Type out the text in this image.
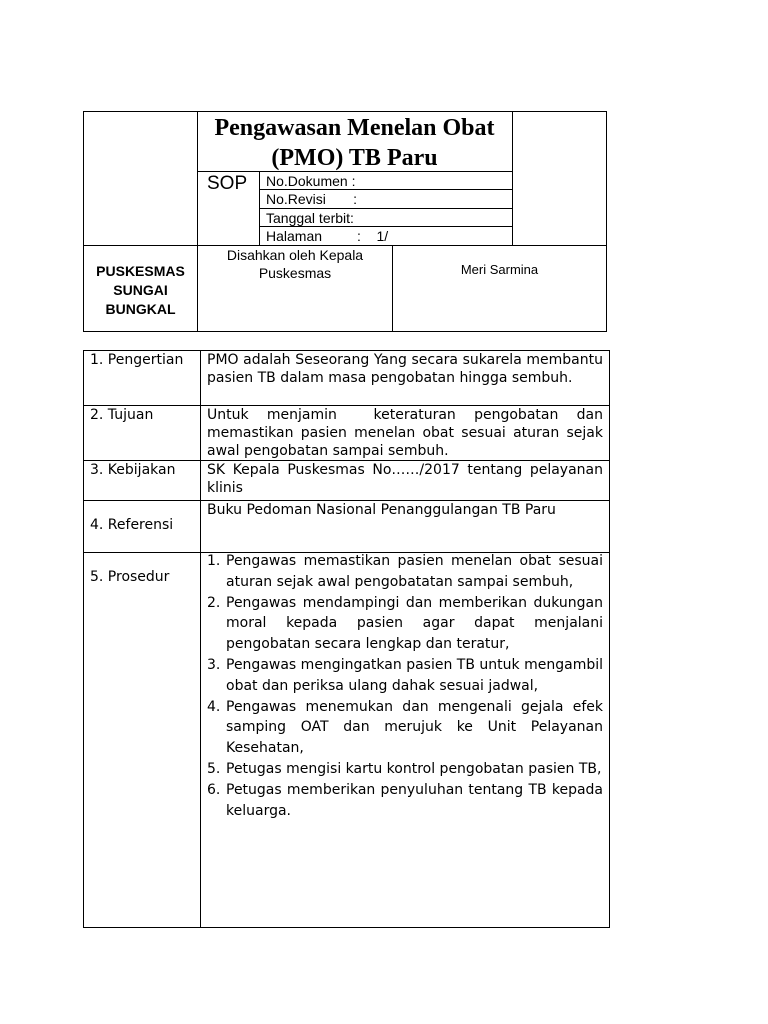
Pengawasan Menelan Obat
(PMO) TB Paru
SOP No.Dokumen :
No.Revisi       :
Tanggal terbit:
Halaman         :    1/
PUSKESMAS SUNGAI BUNGKAL
Disahkan oleh Kepala Puskesmas	Meri Sarmina
1. Pengertian PMO adalah Seseorang Yang secara sukarela membantu pasien TB dalam masa pengobatan hingga sembuh.
2. Tujuan	Untuk menjamin  keteraturan pengobatan dan memastikan pasien menelan obat sesuai aturan sejak awal pengobatan sampai sembuh.
3. Kebijakan SK Kepala Puskesmas No……/2017 tentang pelayanan klinis
4. Referensi
Buku Pedoman Nasional Penanggulangan TB Paru
5. Prosedur
1. Pengawas memastikan pasien menelan obat sesuai aturan sejak awal pengobatatan sampai sembuh,
2. Pengawas mendampingi dan memberikan dukungan moral kepada pasien agar dapat menjalani pengobatan secara lengkap dan teratur,
3. Pengawas mengingatkan pasien TB untuk mengambil obat dan periksa ulang dahak sesuai jadwal,
4. Pengawas menemukan dan mengenali gejala efek samping OAT dan merujuk ke Unit Pelayanan Kesehatan,
5. Petugas mengisi kartu kontrol pengobatan pasien TB,
6. Petugas memberikan penyuluhan tentang TB kepada keluarga.
